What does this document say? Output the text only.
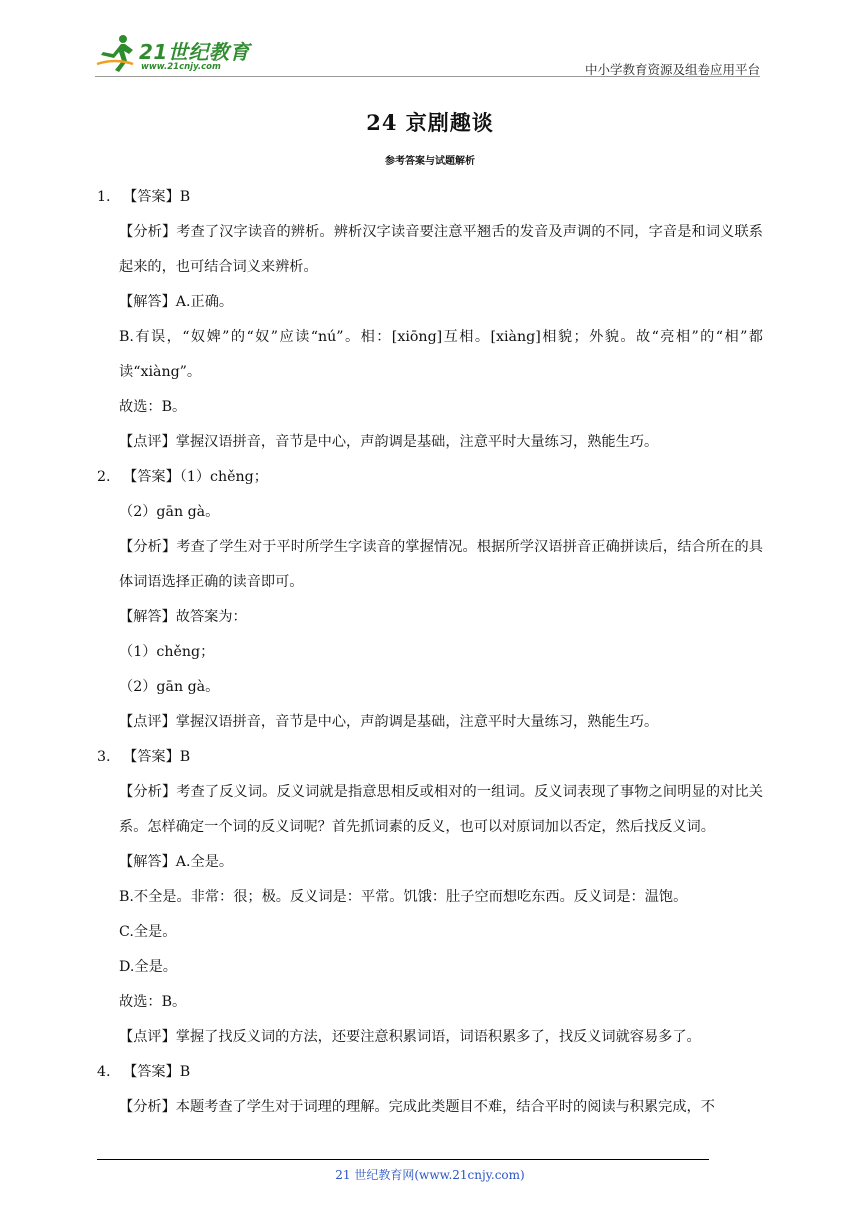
21世纪教育
www.21cnjy.com	中小学教育资源及组卷应用平台
24 京剧趣谈
参考答案与试题解析

1. 【答案】B

【分析】考查了汉字读音的辨析。辨析汉字读音要注意平翘舌的发音及声调的不同，字音是和词义联系起来的，也可结合词义来辨析。

【解答】A.正确。

B.有误，“奴婢”的“奴”应读“nú”。相：[xiōng]互相。[xiàng]相貌；外貌。故“亮相”的“相”都读“xiàng”。

故选：B。

【点评】掌握汉语拼音，音节是中心，声韵调是基础，注意平时大量练习，熟能生巧。

2. 【答案】（1）chěng；

（2）gān gà。

【分析】考查了学生对于平时所学生字读音的掌握情况。根据所学汉语拼音正确拼读后，结合所在的具体词语选择正确的读音即可。

【解答】故答案为：

（1）chěng；

（2）gān gà。

【点评】掌握汉语拼音，音节是中心，声韵调是基础，注意平时大量练习，熟能生巧。

3. 【答案】B

【分析】考查了反义词。反义词就是指意思相反或相对的一组词。反义词表现了事物之间明显的对比关系。怎样确定一个词的反义词呢？首先抓词素的反义，也可以对原词加以否定，然后找反义词。

【解答】A.全是。

B.不全是。非常：很；极。反义词是：平常。饥饿：肚子空而想吃东西。反义词是：温饱。

C.全是。

D.全是。

故选：B。

【点评】掌握了找反义词的方法，还要注意积累词语，词语积累多了，找反义词就容易多了。

4. 【答案】B

【分析】本题考查了学生对于词理的理解。完成此类题目不难，结合平时的阅读与积累完成，不

21 世纪教育网(www.21cnjy.com)
